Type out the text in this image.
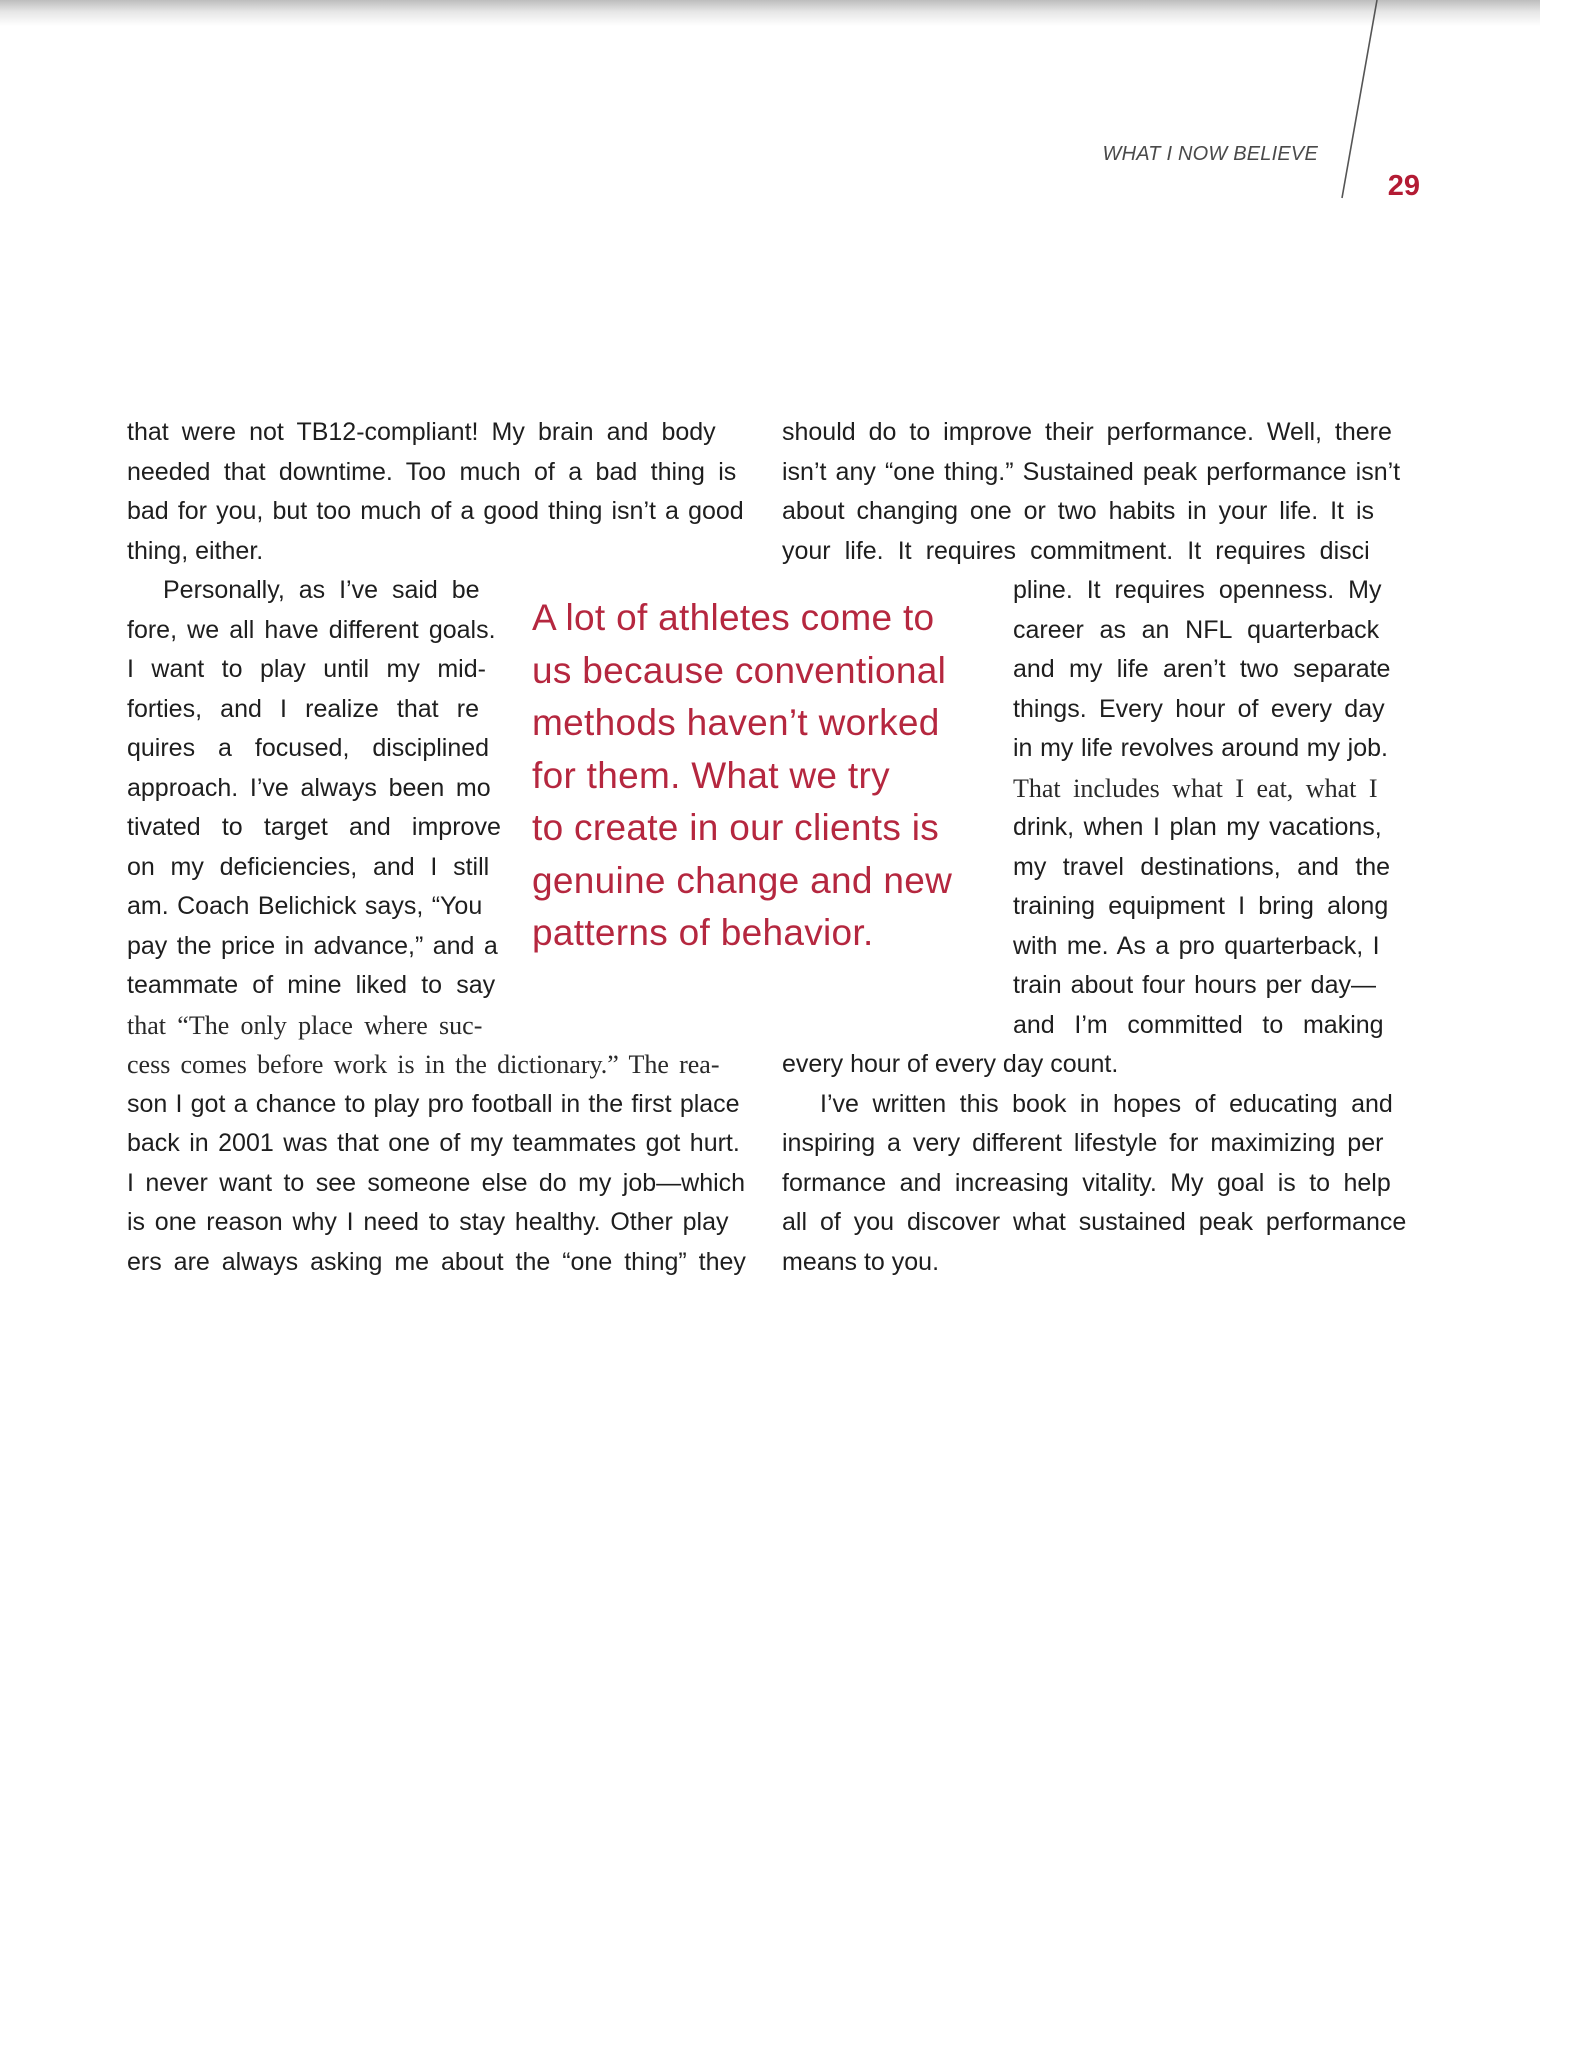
WHAT I NOW BELIEVE
29
that were not TB12-compliant! My brain and body
needed that downtime. Too much of a bad thing is
bad for you, but too much of a good thing isn’t a good
thing, either.
Personally, as I’ve said be
fore, we all have different goals.
I want to play until my mid-
forties, and I realize that re
quires a focused, disciplined
approach. I’ve always been mo
tivated to target and improve
on my deficiencies, and I still
am. Coach Belichick says, “You
pay the price in advance,” and a
teammate of mine liked to say
that “The only place where suc-
cess comes before work is in the dictionary.” The rea-
son I got a chance to play pro football in the first place
back in 2001 was that one of my teammates got hurt.
I never want to see someone else do my job—which
is one reason why I need to stay healthy. Other play
ers are always asking me about the “one thing” they
should do to improve their performance. Well, there
isn’t any “one thing.” Sustained peak performance isn’t
about changing one or two habits in your life. It is
your life. It requires commitment. It requires disci
pline. It requires openness. My
career as an NFL quarterback
and my life aren’t two separate
things. Every hour of every day
in my life revolves around my job.
That includes what I eat, what I
drink, when I plan my vacations,
my travel destinations, and the
training equipment I bring along
with me. As a pro quarterback, I
train about four hours per day—
and I’m committed to making
every hour of every day count.
I’ve written this book in hopes of educating and
inspiring a very different lifestyle for maximizing per
formance and increasing vitality. My goal is to help
all of you discover what sustained peak performance
means to you.
A lot of athletes come to
us because conventional
methods haven’t worked
for them. What we try
to create in our clients is
genuine change and new
patterns of behavior.
